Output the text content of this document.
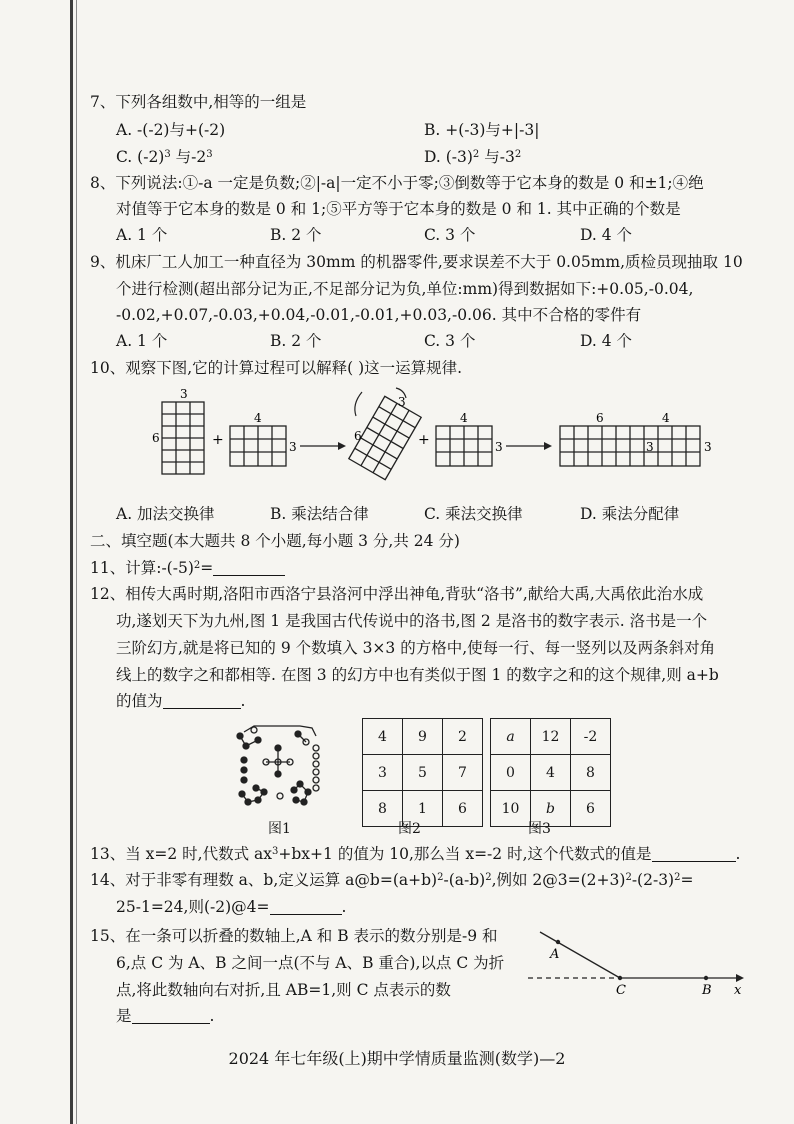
7、下列各组数中,相等的一组是
A. -(-2)与+(-2)	B. +(-3)与+|-3|
C. $(-2)^3$ 与$-2^3$	D. $(-3)^2$ 与$-3^2$
8、下列说法:①-a 一定是负数;②|-a|一定不小于零;③倒数等于它本身的数是 0 和±1;④绝
对值等于它本身的数是 0 和 1;⑤平方等于它本身的数是 0 和 1. 其中正确的个数是
A. 1 个	B. 2 个	C. 3 个	D. 4 个
9、机床厂工人加工一种直径为 30mm 的机器零件,要求误差不大于 0.05mm,质检员现抽取 10
个进行检测(超出部分记为正,不足部分记为负,单位:mm)得到数据如下:+0.05,-0.04,
-0.02,+0.07,-0.03,+0.04,-0.01,-0.01,+0.03,-0.06. 其中不合格的零件有
A. 1 个	B. 2 个	C. 3 个	D. 4 个
10、观察下图,它的计算过程可以解释( )这一运算规律.
3
6	+
4
3
3
6	+
4
3
6	4
3	3
A. 加法交换律	B. 乘法结合律	C. 乘法交换律	D. 乘法分配律
二、填空题(本大题共 8 个小题,每小题 3 分,共 24 分)
11、计算$:-(-5)^2=$
12、相传大禹时期,洛阳市西洛宁县洛河中浮出神龟,背驮“洛书”,献给大禹,大禹依此治水成
功,遂划天下为九州,图 1 是我国古代传说中的洛书,图 2 是洛书的数字表示. 洛书是一个
三阶幻方,就是将已知的 9 个数填入 3×3 的方格中,使每一行、每一竖列以及两条斜对角
线上的数字之和都相等. 在图 3 的幻方中也有类似于图 1 的数字之和的这个规律,则 a+b
的值为	.
4	9	2
3	5	7
8	1	6
a	12	-2
0	4	8
10	b	6
图1	图2	图3
13、当 x=2 时,代数式 $ax^3+bx+1$ 的值为 10,那么当 x=-2 时,这个代数式的值是	.
14、对于非零有理数 a、b,定义运算 $a@b=(a+b)^2-(a-b)^2$,例如 $2@3=(2+3)^2-(2-3)^2=$
25-1=24,则(-2)@4=	.
15、在一条可以折叠的数轴上,A 和 B 表示的数分别是-9 和
6,点 C 为 A、B 之间一点(不与 A、B 重合),以点 C 为折
点,将此数轴向右对折,且 AB=1,则 C 点表示的数
是	.
A
C	B x
2024 年七年级(上)期中学情质量监测(数学)—2
